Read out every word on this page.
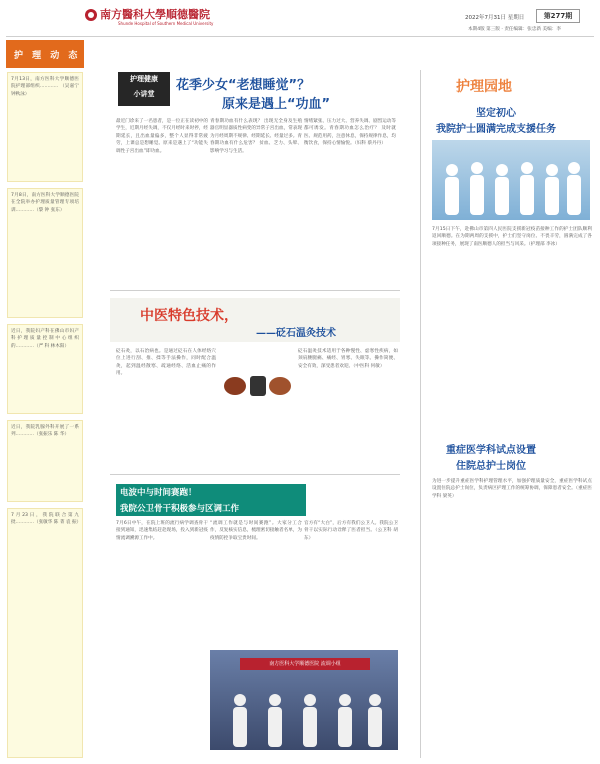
南方醫科大學順德醫院
Shunde Hospital of Southern Medical University
2022年7月31日 星期日	第277期
本期4版 第三版 · 责任编辑：张忠新 美编：李
护 理 动 态
7月13日，南方医科大学顺德医院护理部组织………… （吴嘉宁 钟秋泳）
7月8日，南方医科大学顺德医院在全院举办护理质量管理专项培训…………（黎 钟 张东）
近日，我院妇产科在佛山市妇产科护理质量控制中心组织的…………（严 科 林木阳）
近日，我院乳腺外科开展了一系列…………（张振乐 陈 华）
7月23日，我院联合第九批…………（张敏华 陈 菁 袁 振）
护理健康
小讲堂
花季少女“老想睡觉”？
原来是遇上“功血”
最近门诊来了一名患者，是一位正在读初中的学生，近期月经失调，不仅月经时来时停，经期延长，且出血量偏多，整个人显得非常疲劳，上课总是想睡觉。原来是遇上了“功能失调性子宫出血”即功血。
青春期功血有什么表现？ 出现无全身及生殖器官明显器质性病变的异常子宫出血，常表现为月经周期不规律、经期延长、经量过多。青春期功血有什么危害？ 贫血、乏力、头晕、影响学习与生活。
情绪紧张、压力过大、营养失调、剧烈运动等都可诱发。青春期功血怎么治疗？ 及时就医、规范用药，注意休息，保持规律作息，均衡饮食，保持心情愉悦。（妇科 蔡丹丹）
护理园地
坚定初心
我院护士圆满完成支援任务
7月15日下午，赴佛山市第四人民医院支援新冠疫苗接种工作的护士团队顺利返回顺德。在为期两周的支援中，护士们坚守岗位、不畏辛劳，圆满完成了各项接种任务，展现了南医顺德人的担当与风采。（护理部 李冰）
中医特色技术，
——砭石温灸技术
砭石灸，以石治病也。是通过砭石在人体经络穴位上进行刮、推、揉等手法操作，同时配合温灸，起到温经散寒、疏通经络、活血止痛的作用。
砭石温灸技术适用于各种慢性、虚寒性疾病，如颈肩腰腿痛、痛经、胃寒、失眠等。操作简便、安全有效，深受患者欢迎。（中医科 何敏）
电波中与时间赛跑！
我院公卫骨干积极参与区调工作
7月6日中午，在院上班的流行病学调查骨干接到通知，迅速集结赶赴现场，投入到新冠疫情流调溯源工作中。
“流调工作就是与时间赛跑”。大家分工合作，反复核实信息，梳理密切接触者名单，为疫情防控争取宝贵时间。
官方有“大白”，后方有我们公卫人。我院公卫骨干以实际行动诠释了医者担当。（公卫科 胡东）
南方医科大学顺德医院 流调小组
重症医学科试点设置
住院总护士岗位
为进一步提升重症医学科护理管理水平，加强护理质量安全，重症医学科试点设置住院总护士岗位，负责病区护理工作的统筹协调，保障患者安全。（重症医学科 梁英）
